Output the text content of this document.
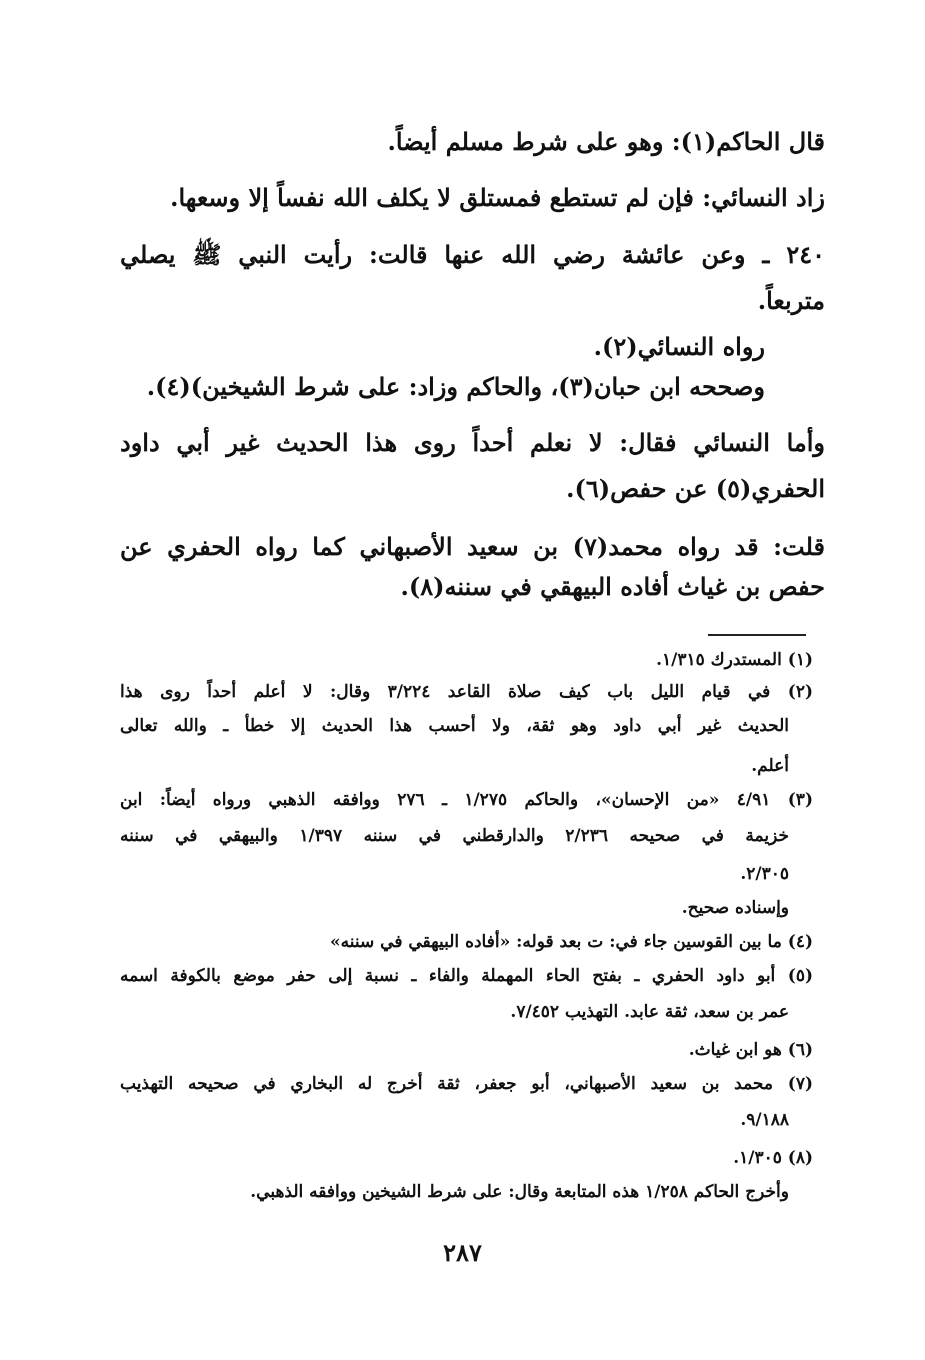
قال الحاكم(١): وهو على شرط مسلم أيضاً.
زاد النسائي: فإن لم تستطع فمستلق لا يكلف الله نفساً إلا وسعها.
٢٤٠ ـ وعن عائشة رضي الله عنها قالت: رأيت النبي ﷺ يصلي
متربعاً.
رواه النسائي(٢).
وصححه ابن حبان(٣)، والحاكم وزاد: على شرط الشيخين)(٤).
وأما النسائي فقال: لا نعلم أحداً روى هذا الحديث غير أبي داود
الحفري(٥) عن حفص(٦).
قلت: قد رواه محمد(٧) بن سعيد الأصبهاني كما رواه الحفري عن
حفص بن غياث أفاده البيهقي في سننه(٨).
(١) المستدرك ١/٣١٥.
(٢) في قيام الليل باب كيف صلاة القاعد ٣/٢٢٤ وقال: لا أعلم أحداً روى هذا
الحديث غير أبي داود وهو ثقة، ولا أحسب هذا الحديث إلا خطأ ـ والله تعالى
أعلم.
(٣) ٤/٩١ «من الإحسان»، والحاكم ١/٢٧٥ ـ ٢٧٦ ووافقه الذهبي ورواه أيضاً: ابن
خزيمة في صحيحه ٢/٢٣٦ والدارقطني في سننه ١/٣٩٧ والبيهقي في سننه
٢/٣٠٥.
وإسناده صحيح.
(٤) ما بين القوسين جاء في: ت بعد قوله: «أفاده البيهقي في سننه»
(٥) أبو داود الحفري ـ بفتح الحاء المهملة والفاء ـ نسبة إلى حفر موضع بالكوفة اسمه
عمر بن سعد، ثقة عابد. التهذيب ٧/٤٥٢.
(٦) هو ابن غياث.
(٧) محمد بن سعيد الأصبهاني، أبو جعفر، ثقة أخرج له البخاري في صحيحه التهذيب
٩/١٨٨.
(٨) ١/٣٠٥.
وأخرج الحاكم ١/٢٥٨ هذه المتابعة وقال: على شرط الشيخين ووافقه الذهبي.
٢٨٧
